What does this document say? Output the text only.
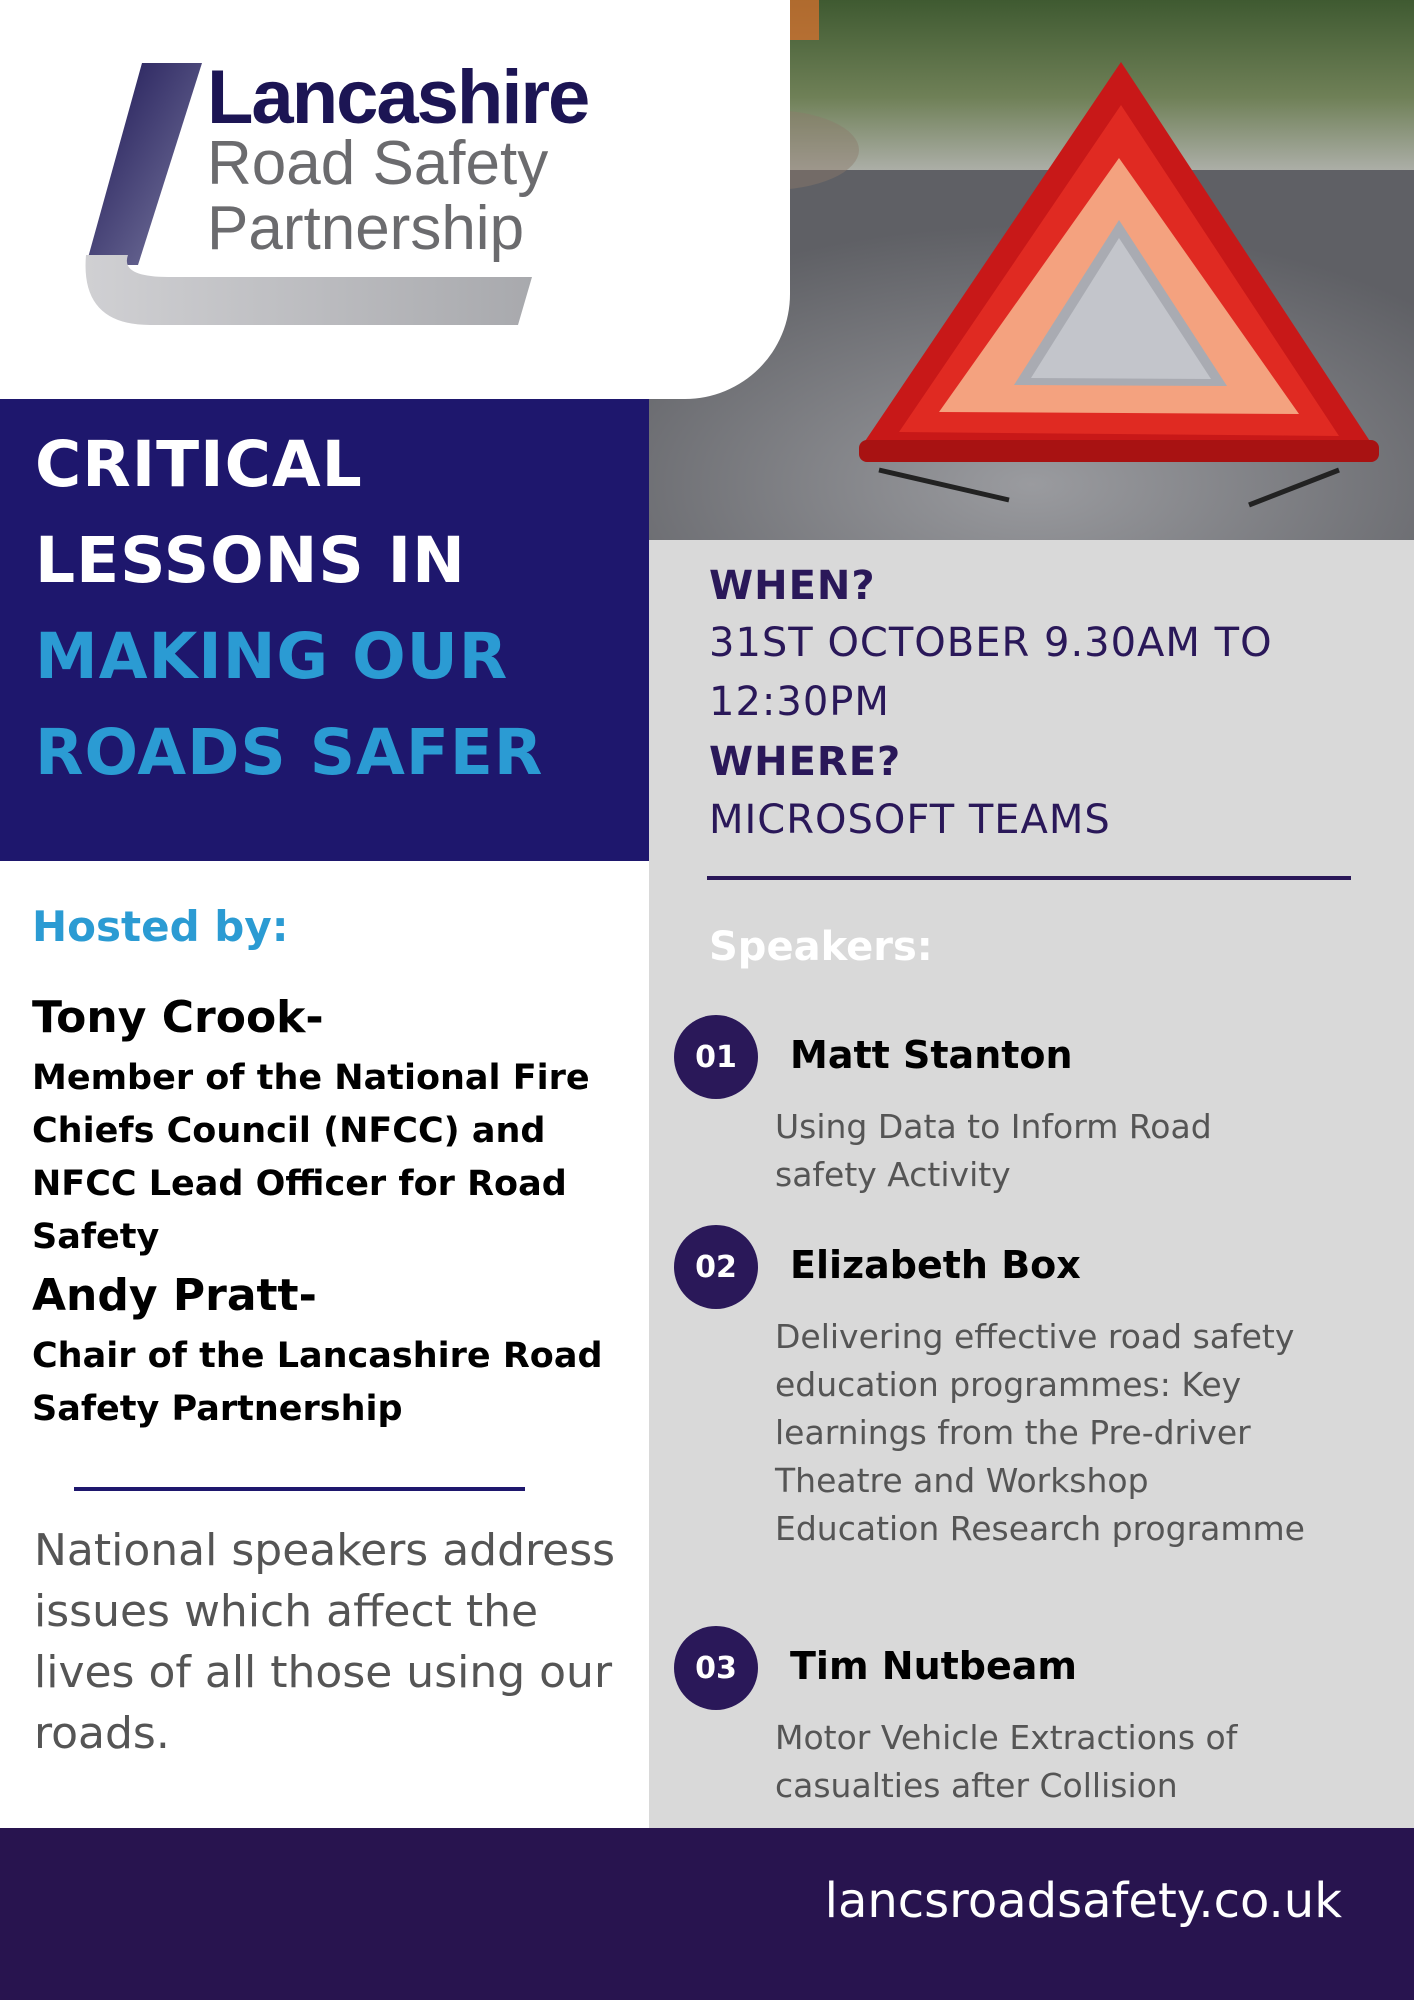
Lancashire
Road Safety
Partnership
CRITICAL
LESSONS IN
MAKING OUR
ROADS SAFER
WHEN?
31ST OCTOBER 9.30AM TO
12:30PM
WHERE?
MICROSOFT TEAMS
Speakers:
01	Matt Stanton
Using Data to Inform Road safety Activity
02	Elizabeth Box
Delivering effective road safety education programmes: Key learnings from the Pre-driver Theatre and Workshop Education Research programme
03	Tim Nutbeam
Motor Vehicle Extractions of casualties after Collision
Hosted by:
Tony Crook-
Member of the National Fire Chiefs Council (NFCC) and NFCC Lead Officer for Road Safety
Andy Pratt-
Chair of the Lancashire Road Safety Partnership
National speakers address issues which affect the lives of all those using our roads.
lancsroadsafety.co.uk
